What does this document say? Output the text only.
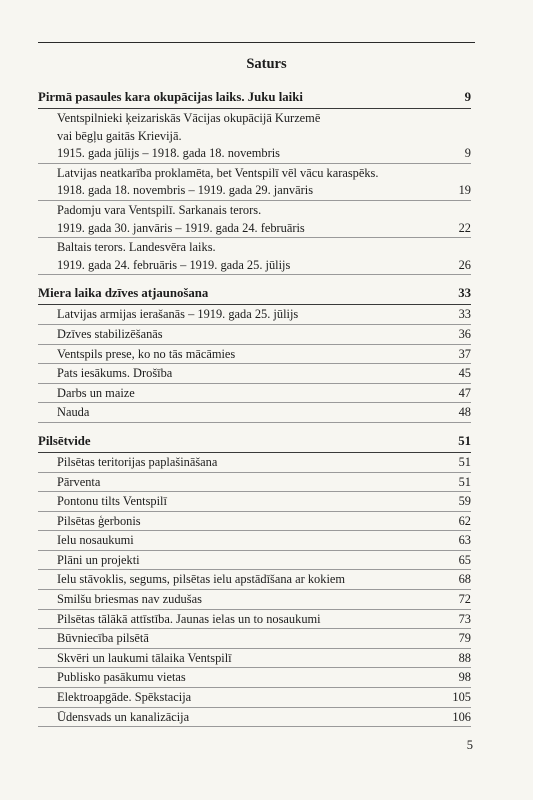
Saturs
Pirmā pasaules kara okupācijas laiks. Juku laiki	9
Ventspilnieki ķeizariskās Vācijas okupācijā Kurzemē
vai bēgļu gaitās Krievijā.
1915. gada jūlijs – 1918. gada 18. novembris	9
Latvijas neatkarība proklamēta, bet Ventspilī vēl vācu karaspēks.
1918. gada 18. novembris – 1919. gada 29. janvāris	19
Padomju vara Ventspilī. Sarkanais terors.
1919. gada 30. janvāris – 1919. gada 24. februāris	22
Baltais terors. Landesvēra laiks.
1919. gada 24. februāris – 1919. gada 25. jūlijs	26
Miera laika dzīves atjaunošana	33
Latvijas armijas ierašanās – 1919. gada 25. jūlijs	33
Dzīves stabilizēšanās	36
Ventspils prese, ko no tās mācāmies	37
Pats iesākums. Drošība	45
Darbs un maize	47
Nauda	48
Pilsētvide	51
Pilsētas teritorijas paplašināšana	51
Pārventa	51
Pontonu tilts Ventspilī	59
Pilsētas ģerbonis	62
Ielu nosaukumi	63
Plāni un projekti	65
Ielu stāvoklis, segums, pilsētas ielu apstādīšana ar kokiem	68
Smilšu briesmas nav zudušas	72
Pilsētas tālākā attīstība. Jaunas ielas un to nosaukumi	73
Būvniecība pilsētā	79
Skvēri un laukumi tālaika Ventspilī	88
Publisko pasākumu vietas	98
Elektroapgāde. Spēkstacija	105
Ūdensvads un kanalizācija	106
5
